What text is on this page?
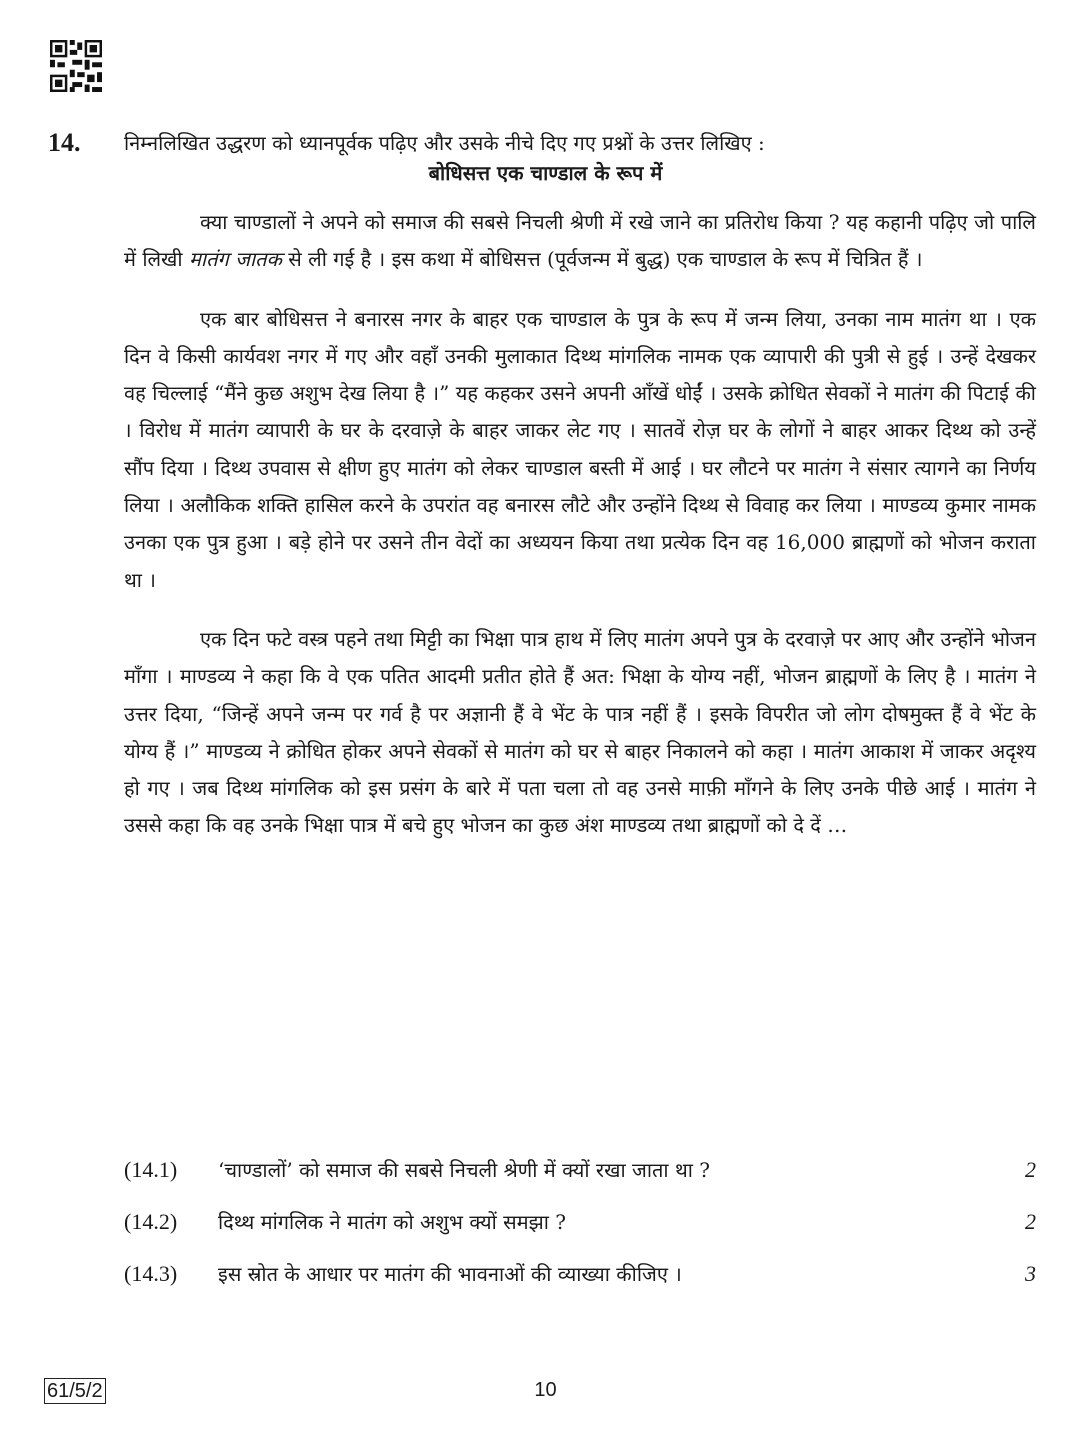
14. निम्नलिखित उद्धरण को ध्यानपूर्वक पढ़िए और उसके नीचे दिए गए प्रश्नों के उत्तर लिखिए :
बोधिसत्त एक चाण्डाल के रूप में

क्या चाण्डालों ने अपने को समाज की सबसे निचली श्रेणी में रखे जाने का प्रतिरोध किया ? यह कहानी पढ़िए जो पालि में लिखी मातंग जातक से ली गई है । इस कथा में बोधिसत्त (पूर्वजन्म में बुद्ध) एक चाण्डाल के रूप में चित्रित हैं ।

एक बार बोधिसत्त ने बनारस नगर के बाहर एक चाण्डाल के पुत्र के रूप में जन्म लिया, उनका नाम मातंग था । एक दिन वे किसी कार्यवश नगर में गए और वहाँ उनकी मुलाकात दिथ्थ मांगलिक नामक एक व्यापारी की पुत्री से हुई । उन्हें देखकर वह चिल्लाई “मैंने कुछ अशुभ देख लिया है ।” यह कहकर उसने अपनी आँखें धोईं । उसके क्रोधित सेवकों ने मातंग की पिटाई की । विरोध में मातंग व्यापारी के घर के दरवाज़े के बाहर जाकर लेट गए । सातवें रोज़ घर के लोगों ने बाहर आकर दिथ्थ को उन्हें सौंप दिया । दिथ्थ उपवास से क्षीण हुए मातंग को लेकर चाण्डाल बस्ती में आई । घर लौटने पर मातंग ने संसार त्यागने का निर्णय लिया । अलौकिक शक्ति हासिल करने के उपरांत वह बनारस लौटे और उन्होंने दिथ्थ से विवाह कर लिया । माण्डव्य कुमार नामक उनका एक पुत्र हुआ । बड़े होने पर उसने तीन वेदों का अध्ययन किया तथा प्रत्येक दिन वह 16,000 ब्राह्मणों को भोजन कराता था ।

एक दिन फटे वस्त्र पहने तथा मिट्टी का भिक्षा पात्र हाथ में लिए मातंग अपने पुत्र के दरवाज़े पर आए और उन्होंने भोजन माँगा । माण्डव्य ने कहा कि वे एक पतित आदमी प्रतीत होते हैं अत: भिक्षा के योग्य नहीं, भोजन ब्राह्मणों के लिए है । मातंग ने उत्तर दिया, “जिन्हें अपने जन्म पर गर्व है पर अज्ञानी हैं वे भेंट के पात्र नहीं हैं । इसके विपरीत जो लोग दोषमुक्त हैं वे भेंट के योग्य हैं ।” माण्डव्य ने क्रोधित होकर अपने सेवकों से मातंग को घर से बाहर निकालने को कहा । मातंग आकाश में जाकर अदृश्य हो गए । जब दिथ्थ मांगलिक को इस प्रसंग के बारे में पता चला तो वह उनसे माफ़ी माँगने के लिए उनके पीछे आई । मातंग ने उससे कहा कि वह उनके भिक्षा पात्र में बचे हुए भोजन का कुछ अंश माण्डव्य तथा ब्राह्मणों को दे दें …

(14.1) ‘चाण्डालों’ को समाज की सबसे निचली श्रेणी में क्यों रखा जाता था ?	2
(14.2) दिथ्थ मांगलिक ने मातंग को अशुभ क्यों समझा ?	2
(14.3) इस स्रोत के आधार पर मातंग की भावनाओं की व्याख्या कीजिए ।	3
61/5/2	10
